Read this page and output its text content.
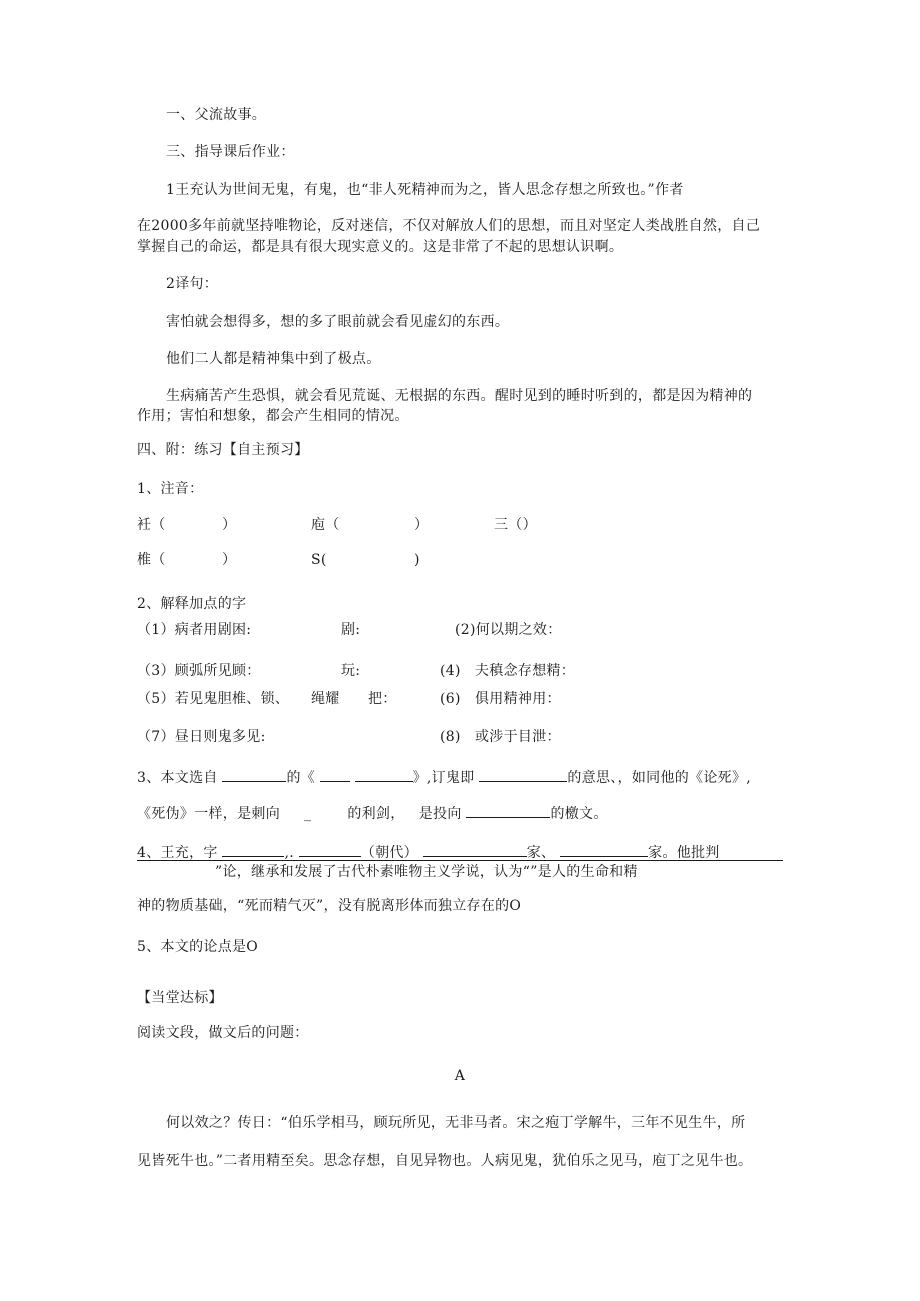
一、父流故事。
三、指导课后作业：
1王充认为世间无鬼，有鬼，也“非人死精神而为之，皆人思念存想之所致也。”作者
在2000多年前就坚持唯物论，反对迷信，不仅对解放人们的思想，而且对坚定人类战胜自然，自己
掌握自己的命运，都是具有很大现实意义的。这是非常了不起的思想认识啊。
2译句：
害怕就会想得多，想的多了眼前就会看见虚幻的东西。
他们二人都是精神集中到了极点。
生病痛苦产生恐惧，就会看见荒诞、无根据的东西。醒时见到的睡时听到的，都是因为精神的
作用；害怕和想象，都会产生相同的情况。
四、附：练习【自主预习】
1、注音：
衽（	）	庖（	）	三（）
椎（	）	S(	)
2、解释加点的字
（1）病者用剧困:	剧:	(2)何以期之效：
（3）顾弧所见顾：	玩:	(4) 夫稹念存想精：
（5）若见鬼胆椎、锁、 绳耀 把：	(6) 俱用精神用：
（7）昼日则鬼多见:	(8) 或涉于目泄：
3、本文选自	的《	》,订鬼即	的意思、，如同他的《论死》,
《死伪》一样，是刺向 _	的利剑， 是投向	的檄文。
4、王充，字	,.	（朝代）	家、	家。他批判
”论，继承和发展了古代朴素唯物主义学说，认为“”是人的生命和精
神的物质基础，“死而精气灭”，没有脱离形体而独立存在的O
5、本文的论点是O
【当堂达标】
阅读文段，做文后的问题：
A
何以效之？传日：“伯乐学相马，顾玩所见，无非马者。宋之疱丁学解牛，三年不见生牛，所
见皆死牛也。”二者用精至矣。思念存想，自见异物也。人病见鬼，犹伯乐之见马，庖丁之见牛也。
